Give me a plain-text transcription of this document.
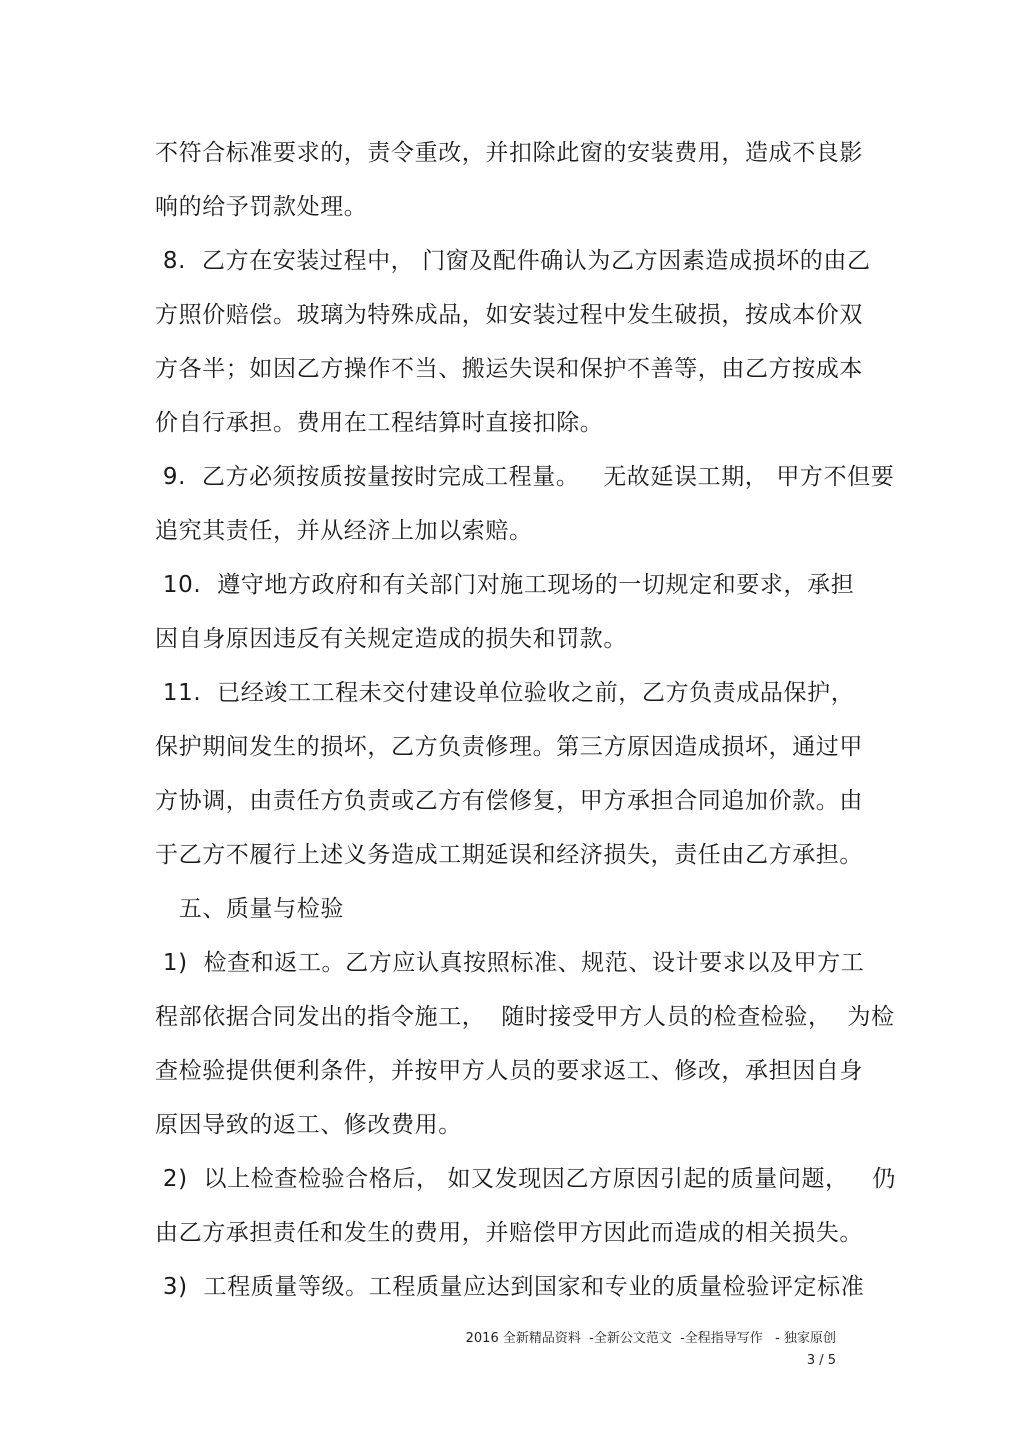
不符合标准要求的，责令重改，并扣除此窗的安装费用，造成不良影
响的给予罚款处理。
8.  乙方在安装过程中， 门窗及配件确认为乙方因素造成损坏的由乙
方照价赔偿。玻璃为特殊成品，如安装过程中发生破损，按成本价双
方各半；如因乙方操作不当、搬运失误和保护不善等，由乙方按成本
价自行承担。费用在工程结算时直接扣除。
9.  乙方必须按质按量按时完成工程量。   无故延误工期， 甲方不但要
追究其责任，并从经济上加以索赔。
10.  遵守地方政府和有关部门对施工现场的一切规定和要求，承担
因自身原因违反有关规定造成的损失和罚款。
11.  已经竣工工程未交付建设单位验收之前，乙方负责成品保护，
保护期间发生的损坏，乙方负责修理。第三方原因造成损坏，通过甲
方协调，由责任方负责或乙方有偿修复，甲方承担合同追加价款。由
于乙方不履行上述义务造成工期延误和经济损失，责任由乙方承担。
五、质量与检验
1)  检查和返工。乙方应认真按照标准、规范、设计要求以及甲方工
程部依据合同发出的指令施工，  随时接受甲方人员的检查检验，  为检
查检验提供便利条件，并按甲方人员的要求返工、修改，承担因自身
原因导致的返工、修改费用。
2)  以上检查检验合格后， 如又发现因乙方原因引起的质量问题，   仍
由乙方承担责任和发生的费用，并赔偿甲方因此而造成的相关损失。
3)  工程质量等级。工程质量应达到国家和专业的质量检验评定标准
2016 全新精品资料  -全新公文范文  -全程指导写作   - 独家原创
3 / 5
